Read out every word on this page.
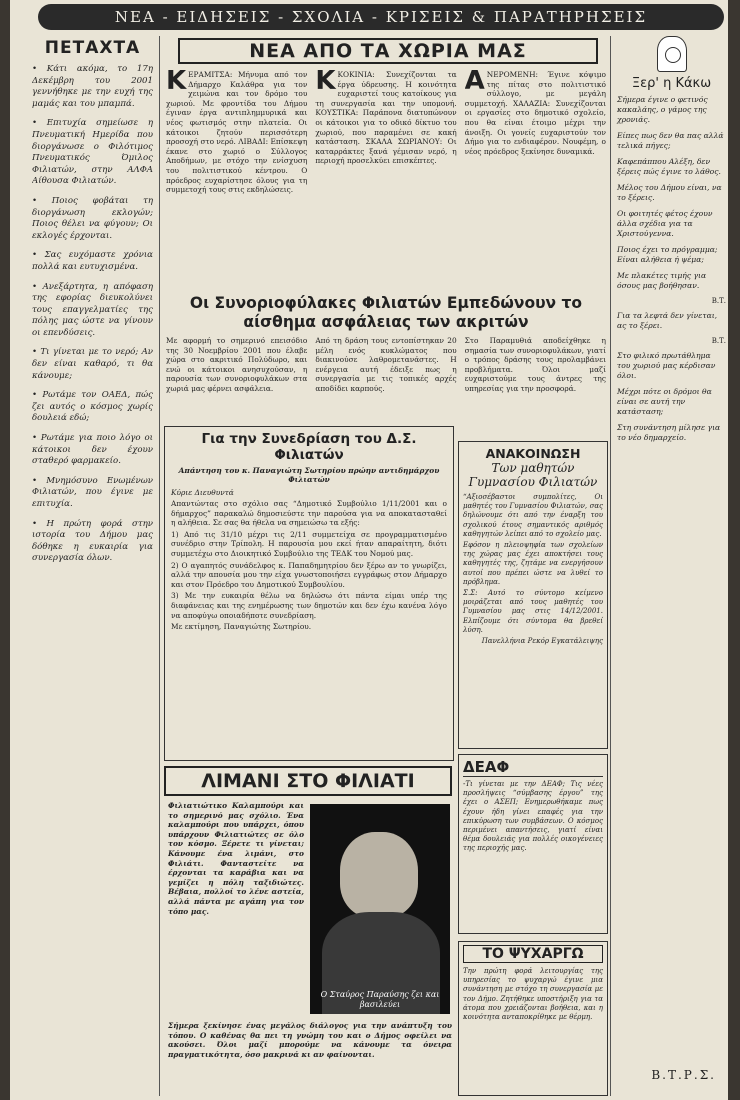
ΝΕΑ - ΕΙΔΗΣΕΙΣ - ΣΧΟΛΙΑ - ΚΡΙΣΕΙΣ & ΠΑΡΑΤΗΡΗΣΕΙΣ
ΠΕΤΑΧΤΑ

• Κάτι ακόμα, το 17η Δεκέμβρη του 2001 γεννήθηκε με την ευχή της μαμάς και του μπαμπά.

• Επιτυχία σημείωσε η Πνευματική Ημερίδα που διοργάνωσε ο Φιλότιμος Πνευματικός Όμιλος Φιλιατών, στην ΑΛΦΑ Αίθουσα Φιλιατών.

• Ποιος φοβάται τη διοργάνωση εκλογών; Ποιος θέλει να φύγουν; Οι εκλογές έρχονται.

• Σας ευχόμαστε χρόνια πολλά και ευτυχισμένα.

• Ανεξάρτητα, η απόφαση της εφορίας διευκολύνει τους επαγγελματίες της πόλης μας ώστε να γίνουν οι επενδύσεις.

• Τι γίνεται με το νερό; Αν δεν είναι καθαρό, τι θα κάνουμε;

• Ρωτάμε τον ΟΑΕΔ, πώς ζει αυτός ο κόσμος χωρίς δουλειά εδώ;

• Ρωτάμε για ποιο λόγο οι κάτοικοι δεν έχουν σταθερό φαρμακείο.

• Μνημόσυνο Ενωμένων Φιλιατών, που έγινε με επιτυχία.

• Η πρώτη φορά στην ιστορία του Δήμου μας δόθηκε η ευκαιρία για συνεργασία όλων.

ΝΕΑ ΑΠΟ ΤΑ ΧΩΡΙΑ ΜΑΣ
ΚΕΡΑΜΙΤΣΑ: Μήνυμα από τον Δήμαρχο Καλάθρα για τον χειμώνα και τον δρόμο του χωριού. Με φροντίδα του Δήμου έγιναν έργα αντιπλημμυρικά και νέος φωτισμός στην πλατεία. Οι κάτοικοι ζητούν περισσότερη προσοχή στο νερό. ΛΙΒΑΔΙ: Επίσκεψη έκανε στο χωριό ο Σύλλογος Αποδήμων, με στόχο την ενίσχυση του πολιτιστικού κέντρου. Ο πρόεδρος ευχαρίστησε όλους για τη συμμετοχή τους στις εκδηλώσεις.
ΚΚΟΚΙΝΙΑ: Συνεχίζονται τα έργα ύδρευσης. Η κοινότητα ευχαριστεί τους κατοίκους για τη συνεργασία και την υπομονή. ΚΟΥΣΤΙΚΑ: Παράπονα διατυπώνουν οι κάτοικοι για το οδικό δίκτυο του χωριού, που παραμένει σε κακή κατάσταση. ΣΚΑΛΑ ΣΩΡΙΑΝΟΥ: Οι καταρράκτες ξανά γέμισαν νερό, η περιοχή προσελκύει επισκέπτες.
ΑΝΕΡΟΜΕΝΗ: Έγινε κόψιμο της πίτας στο πολιτιστικό σύλλογο, με μεγάλη συμμετοχή. ΧΑΛΑΖΙΑ: Συνεχίζονται οι εργασίες στο δημοτικό σχολείο, που θα είναι έτοιμο μέχρι την άνοιξη. Οι γονείς ευχαριστούν τον Δήμο για το ενδιαφέρον. Νουφέμη, ο νέος πρόεδρος ξεκίνησε δυναμικά.
Οι Συνοριοφύλακες Φιλιατών Εμπεδώνουν το αίσθημα ασφάλειας των ακριτών
Με αφορμή το σημερινό επεισόδιο της 30 Νοεμβρίου 2001 που έλαβε χώρα στο ακριτικό Πολύδωρο, και ενώ οι κάτοικοι ανησυχούσαν, η παρουσία των συνοριοφυλάκων στα χωριά μας φέρνει ασφάλεια.
Από τη δράση τους εντοπίστηκαν 20 μέλη ενός κυκλώματος που διακινούσε λαθρομετανάστες. Η ενέργεια αυτή έδειξε πως η συνεργασία με τις τοπικές αρχές αποδίδει καρπούς.
Στο Παραμυθιά αποδείχθηκε η σημασία των συνοριοφυλάκων, γιατί ο τρόπος δράσης τους προλαμβάνει προβλήματα. Όλοι μαζί ευχαριστούμε τους άντρες της υπηρεσίας για την προσφορά.
Για την Συνεδρίαση του Δ.Σ. Φιλιατών
Απάντηση του κ. Παναγιώτη Σωτηρίου πρώην αντιδημάρχου Φιλιατών
Κύριε Διευθυντά

Απαντώντας στο σχόλιο σας “Δημοτικό Συμβούλιο 1/11/2001 και ο δήμαρχος” παρακαλώ δημοσιεύστε την παρούσα για να αποκατασταθεί η αλήθεια. Σε σας θα ήθελα να σημειώσω τα εξής:

1) Από τις 31/10 μέχρι τις 2/11 συμμετείχα σε προγραμματισμένο συνέδριο στην Τρίπολη. Η παρουσία μου εκεί ήταν απαραίτητη, διότι συμμετέχω στο Διοικητικό Συμβούλιο της ΤΕΔΚ του Νομού μας.

2) Ο αγαπητός συνάδελφος κ. Παπαδημητρίου δεν ξέρω αν το γνωρίζει, αλλά την απουσία μου την είχα γνωστοποιήσει εγγράφως στον Δήμαρχο και στον Πρόεδρο του Δημοτικού Συμβουλίου.

3) Με την ευκαιρία θέλω να δηλώσω ότι πάντα είμαι υπέρ της διαφάνειας και της ενημέρωσης των δημοτών και δεν έχω κανένα λόγο να αποφύγω οποιαδήποτε συνεδρίαση.

Με εκτίμηση, Παναγιώτης Σωτηρίου.

ΑΝΑΚΟΙΝΩΣΗ
Των μαθητών Γυμνασίου Φιλιατών

“Αξιοσέβαστοι συμπολίτες, Οι μαθητές του Γυμνασίου Φιλιατών, σας δηλώνουμε ότι από την έναρξη του σχολικού έτους σημαντικός αριθμός καθηγητών λείπει από το σχολείο μας.

Εφόσον η πλειοψηφία των σχολείων της χώρας μας έχει αποκτήσει τους καθηγητές της, ζητάμε να ενεργήσουν αυτοί που πρέπει ώστε να λυθεί το πρόβλημα.

Σ.Σ: Αυτό το σύντομο κείμενο μοιράζεται από τους μαθητές του Γυμνασίου μας στις 14/12/2001. Ελπίζουμε ότι σύντομα θα βρεθεί λύση.

Πανελλήνια Ρεκόρ Εγκατάλειψης
ΛΙΜΑΝΙ ΣΤΟ ΦΙΛΙΑΤΙ
Φιλιατιώτικο Καλαμπούρι και το σημερινό μας σχόλιο. Ένα καλαμπούρι που υπάρχει, όπου υπάρχουν Φιλιατιώτες σε όλο τον κόσμο. Ξέρετε τι γίνεται; Κάνουμε ένα λιμάνι, στο Φιλιάτι. Φανταστείτε να έρχονται τα καράβια και να γεμίζει η πόλη ταξιδιώτες. Βέβαια, πολλοί το λένε αστεία, αλλά πάντα με αγάπη για τον τόπο μας.
Ο Σταύρος Παραύσης ζει και βασιλεύει
Σήμερα ξεκίνησε ένας μεγάλος διάλογος για την ανάπτυξη του τόπου. Ο καθένας θα πει τη γνώμη του και ο Δήμος οφείλει να ακούσει. Όλοι μαζί μπορούμε να κάνουμε τα όνειρα πραγματικότητα, όσο μακρινά κι αν φαίνονται.
ΔΕΑΦ

-Τι γίνεται με την ΔΕΑΦ; Τις νέες προσλήψεις “σύμβασης έργου” της έχει ο ΑΣΕΠ; Ενημερωθήκαμε πως έχουν ήδη γίνει επαφές για την επικύρωση των συμβάσεων. Ο κόσμος περιμένει απαντήσεις, γιατί είναι θέμα δουλειάς για πολλές οικογένειες της περιοχής μας.

ΤΟ ΨΥΧΑΡΓΩ

Την πρώτη φορά λειτουργίας της υπηρεσίας το ψυχαργώ έγινε μια συνάντηση με στόχο τη συνεργασία με τον Δήμο. Ζητήθηκε υποστήριξη για τα άτομα που χρειάζονται βοήθεια, και η κοινότητα ανταποκρίθηκε με θέρμη.

Ξερ' η Κάκω

Σήμερα έγινε ο φετινός κακαλάης, ο γάμος της χρονιάς.

Είπες πως δεν θα πας αλλά τελικά πήγες;

Καφεπάππου Αλέξη, δεν ξέρεις πώς έγινε το λάθος.

Μέλος του Δήμου είναι, να το ξέρεις.

Οι φοιτητές φέτος έχουν άλλα σχέδια για τα Χριστούγεννα.

Ποιος έχει το πρόγραμμα; Είναι αλήθεια ή ψέμα;

Με πλακέτες τιμής για όσους μας βοήθησαν.

Β.Τ.

Για τα λεφτά δεν γίνεται, ας το ξέρει.

Β.Τ.

Στο φιλικό πρωτάθλημα του χωριού μας κέρδισαν όλοι.

Μέχρι πότε οι δρόμοι θα είναι σε αυτή την κατάσταση;

Στη συνάντηση μίλησε για το νέο δημαρχείο.

Β.Τ.Ρ.Σ.
